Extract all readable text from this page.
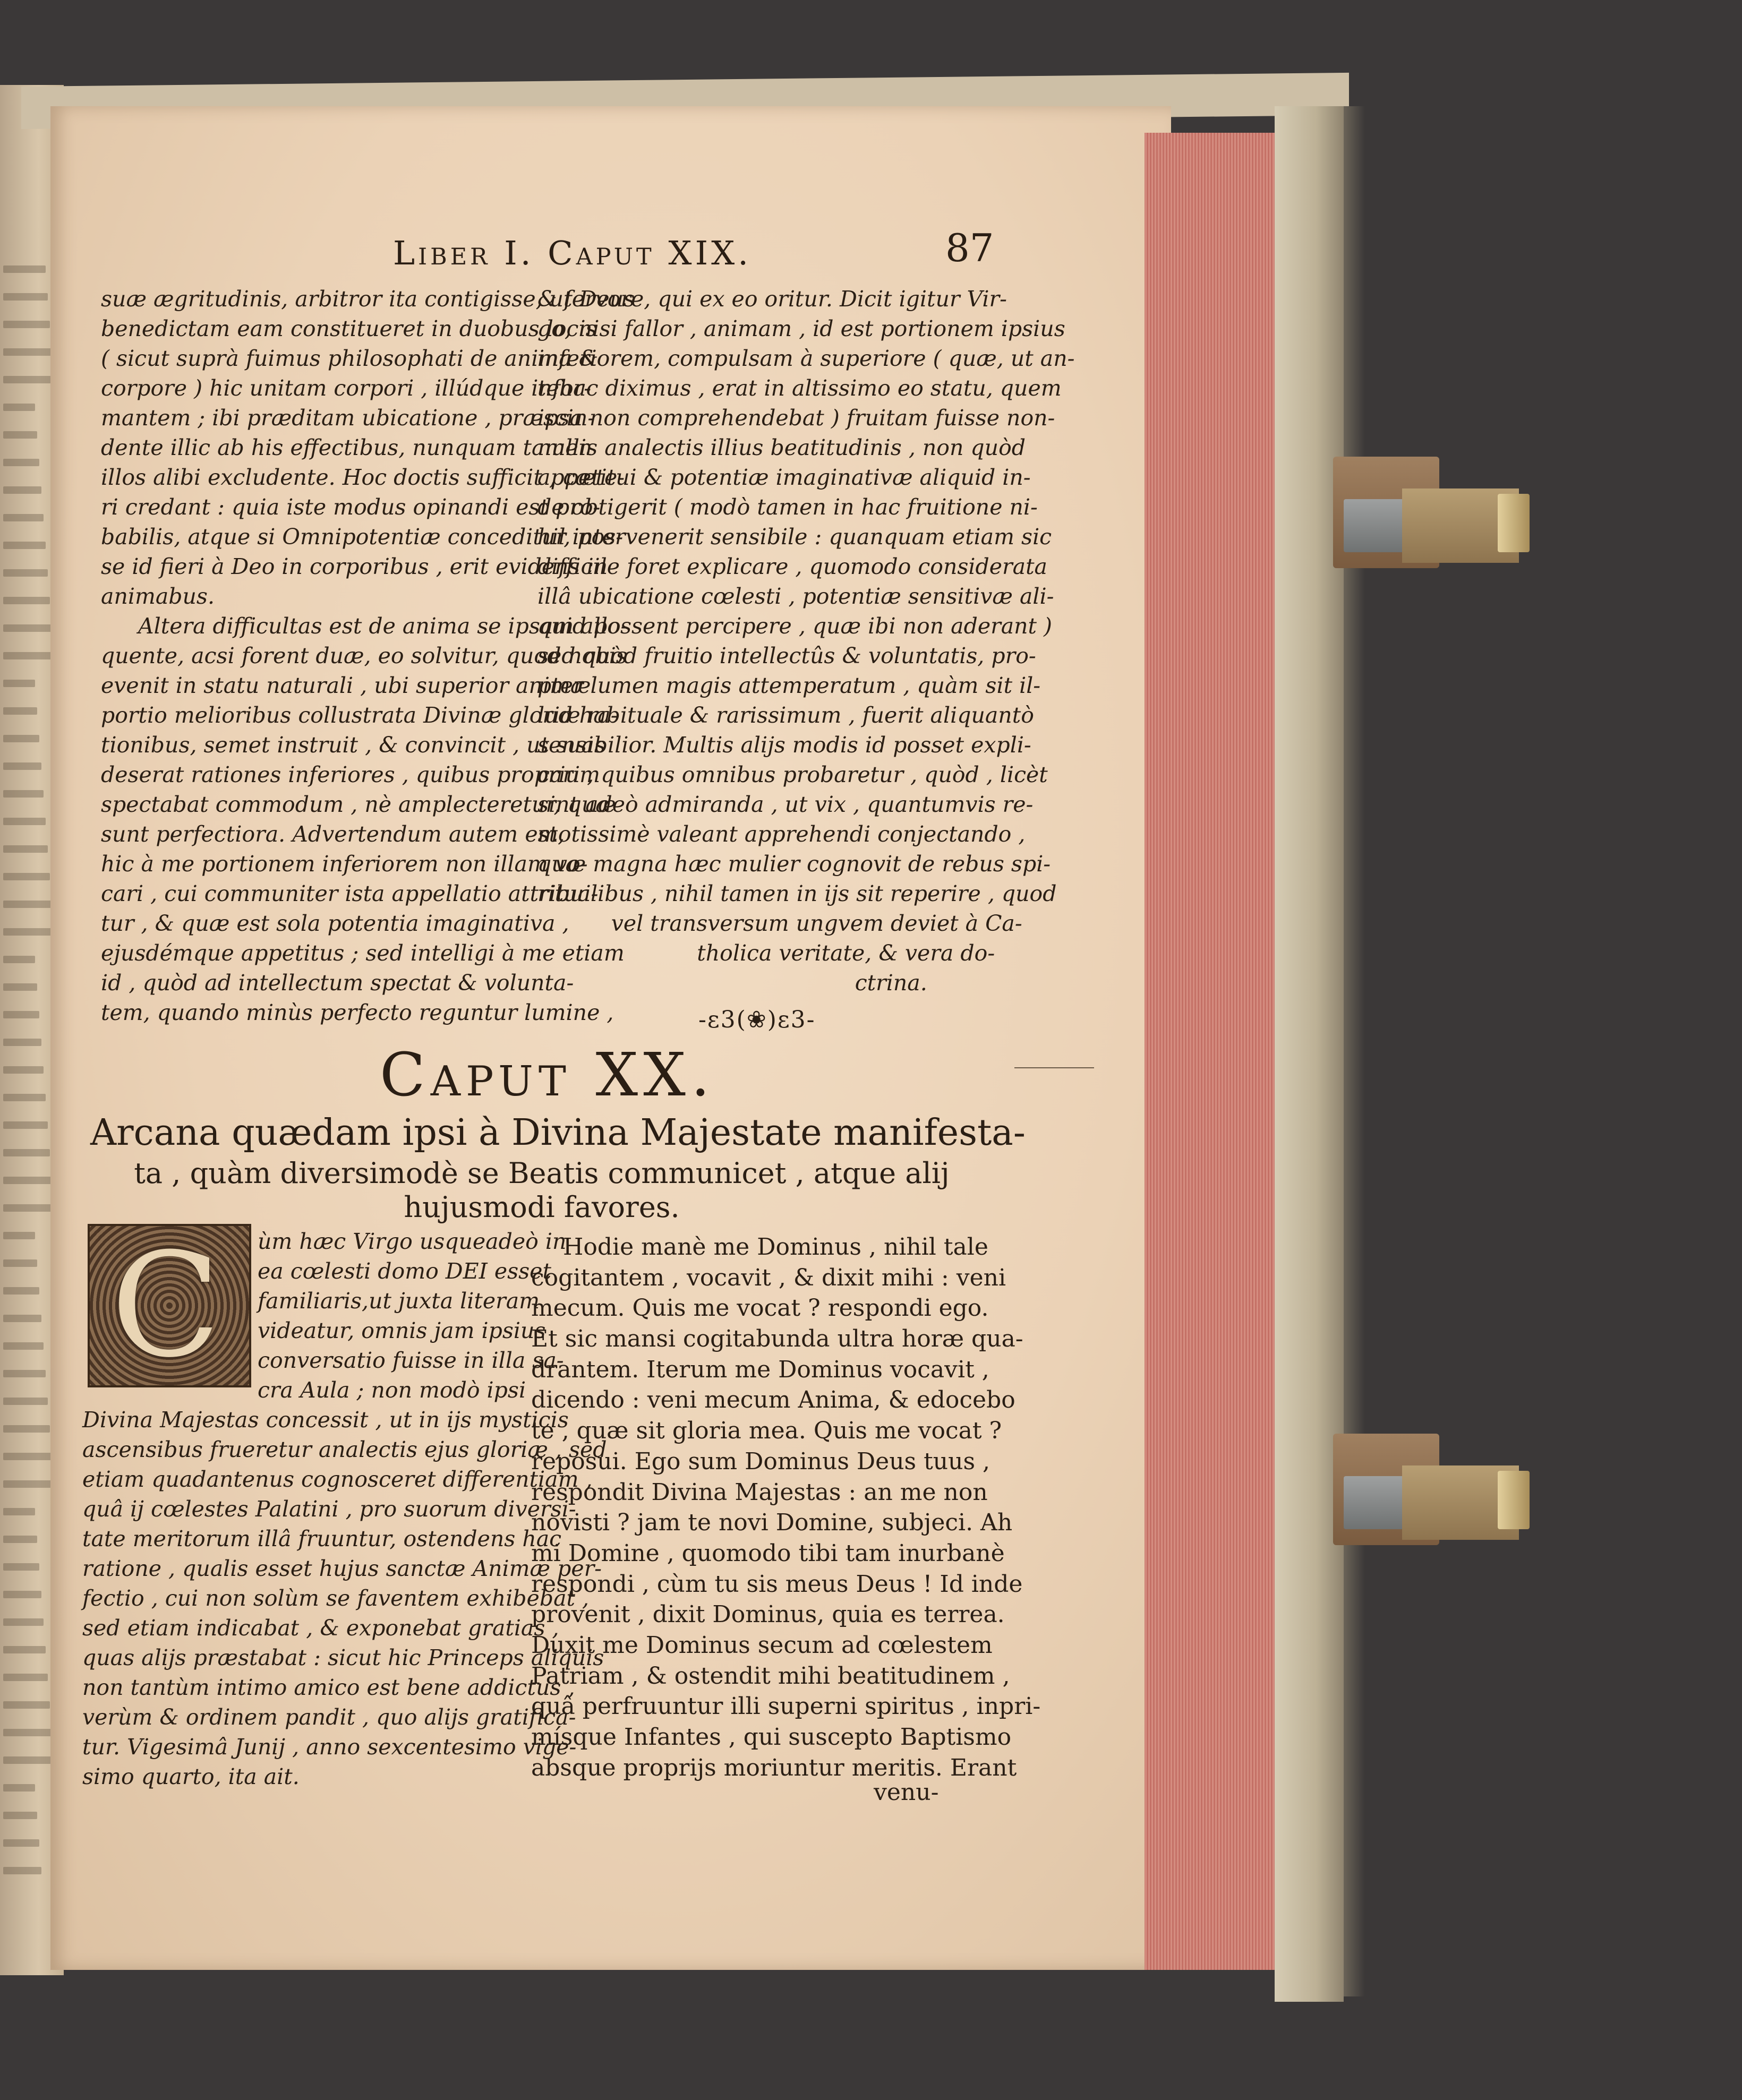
Liber I. Caput XIX.	87
suæ ægritudinis, arbitror ita contigisse, ut Deus
benedictam eam constitueret in duobus locis
( sicut suprà fuimus philosophati de anima &
corpore ) hic unitam corpori , illúdque infor-
mantem ; ibi præditam ubicatione , præscin-
dente illic ab his effectibus, nunquam tamen
illos alibi excludente. Hoc doctis sufficit , cæte-
ri credant : quia iste modus opinandi est pro-
babilis, atque si Omnipotentiæ conceditur, pos-
se id fieri à Deo in corporibus , erit evidens in
animabus.
Altera difficultas est de anima se ipsam allo-
quente, acsi forent duæ, eo solvitur, quod nobis
evenit in statu naturali , ubi superior animæ
portio melioribus collustrata Divinæ gloriæ ra-
tionibus, semet instruit , & convincit , ut suas
deserat rationes inferiores , quibus proprium
spectabat commodum , nè amplecteretur, quæ
sunt perfectiora. Advertendum autem est,
hic à me portionem inferiorem non illam vo-
cari , cui communiter ista appellatio attribui-
tur , & quæ est sola potentia imaginativa ,
ejusdémque appetitus ; sed intelligi à me etiam
id , quòd ad intellectum spectat & volunta-
tem, quando minùs perfecto reguntur lumine ,
& fervore, qui ex eo oritur. Dicit igitur Vir-
go, nisi fallor , animam , id est portionem ipsius
inferiorem, compulsam à superiore ( quæ, ut an-
tehac diximus , erat in altissimo eo statu, quem
ipsa non comprehendebat ) fruitam fuisse non-
nullis analectis illius beatitudinis , non quòd
appetitui & potentiæ imaginativæ aliquid in-
de obtigerit ( modò tamen in hac fruitione ni-
hil intervenerit sensibile : quanquam etiam sic
difficile foret explicare , quomodo considerata
illâ ubicatione cœlesti , potentiæ sensitivæ ali-
quid possent percipere , quæ ibi non aderant )
sed quòd fruitio intellectûs & voluntatis, pro-
pter lumen magis attemperatum , quàm sit il-
lud habituale & rarissimum , fuerit aliquantò
sensibilior. Multis alijs modis id posset expli-
cari , quibus omnibus probaretur , quòd , licèt
sint adeò admiranda , ut vix , quantumvis re-
motissimè valeant apprehendi conjectando ,
quæ magna hæc mulier cognovit de rebus spi-
ritualibus , nihil tamen in ijs sit reperire , quod
vel transversum ungvem deviet à Ca-
tholica veritate, & vera do-
ctrina.
-ɛ3(❀)ɛ3-
Caput XX.
Arcana quædam ipsi à Divina Majestate manifesta-
ta , quàm diversimodè se Beatis communicet , atque alij
hujusmodi favores.
C	ùm hæc Virgo usqueadeò in
ea cœlesti domo DEI esset
familiaris,ut juxta literam
videatur, omnis jam ipsius
conversatio fuisse in illa sa-
cra Aula ; non modò ipsi
Divina Majestas concessit , ut in ijs mysticis
ascensibus frueretur analectis ejus gloriæ , sed
etiam quadantenus cognosceret differentiam ,
quâ ij cœlestes Palatini , pro suorum diversi-
tate meritorum illâ fruuntur, ostendens hac
ratione , qualis esset hujus sanctæ Animæ per-
fectio , cui non solùm se faventem exhibebat ,
sed etiam indicabat , & exponebat gratias ,
quas alijs præstabat : sicut hic Princeps aliquis
non tantùm intimo amico est bene addictus ,
verùm & ordinem pandit , quo alijs gratifica-
tur. Vigesimâ Junij , anno sexcentesimo vige-
simo quarto, ita ait.
Hodie manè me Dominus , nihil tale
cogitantem , vocavit , & dixit mihi : veni
mecum. Quis me vocat ? respondi ego.
Et sic mansi cogitabunda ultra horæ qua-
drantem. Iterum me Dominus vocavit ,
dicendo : veni mecum Anima, & edocebo
te , quæ sit gloria mea. Quis me vocat ?
reposui. Ego sum Dominus Deus tuus ,
respondit Divina Majestas : an me non
novisti ? jam te novi Domine, subjeci. Ah
mi Domine , quomodo tibi tam inurbanè
respondi , cùm tu sis meus Deus ! Id inde
provenit , dixit Dominus, quia es terrea.
Duxit me Dominus secum ad cœlestem
Patriam , & ostendit mihi beatitudinem ,
quâ perfruuntur illi superni spiritus , inpri-
mísque Infantes , qui suscepto Baptismo
absque proprijs moriuntur meritis. Erant
venu-
